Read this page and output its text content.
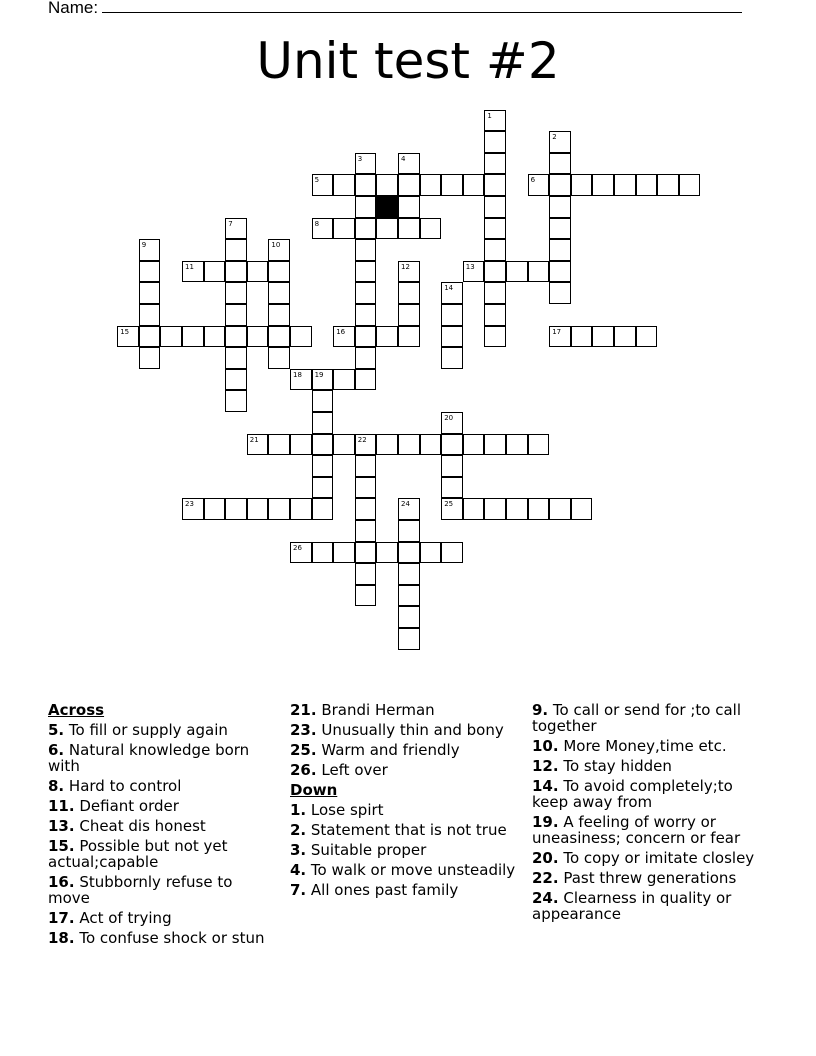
Name:
Unit test #2
1
2
3	4
5	6
7	8
9	10
11	12	13
14
15	16	17
18 19
20
21	22
23	24	25
26
Across
5. To fill or supply again
6. Natural knowledge born with
8. Hard to control
11. Defiant order
13. Cheat dis honest
15. Possible but not yet actual;capable
16. Stubbornly refuse to move
17. Act of trying
18. To confuse shock or stun
21. Brandi Herman
23. Unusually thin and bony
25. Warm and friendly
26. Left over
Down
1. Lose spirt
2. Statement that is not true
3. Suitable proper
4. To walk or move unsteadily
7. All ones past family
9. To call or send for ;to call together
10. More Money,time etc.
12. To stay hidden
14. To avoid completely;to keep away from
19. A feeling of worry or uneasiness; concern or fear
20. To copy or imitate closley
22. Past threw generations
24. Clearness in quality or appearance
